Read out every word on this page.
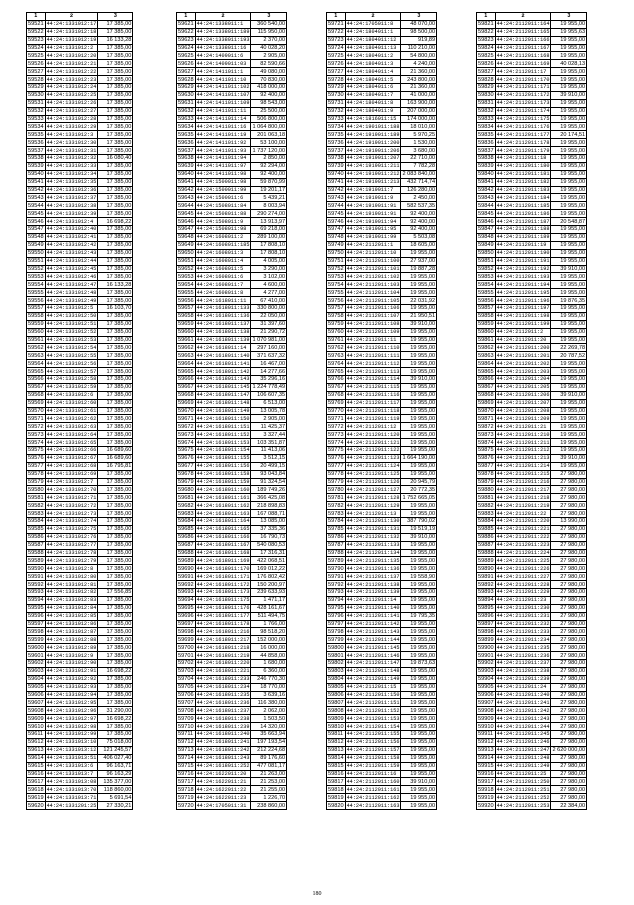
1	2	3
59521	44:24:1331012:17	17 385,00
59522	44:24:1331012:18	17 385,00
59523	44:24:1331012:19	16 133,28
59524	44:24:1331012:2	17 385,00
59525	44:24:1331012:20	17 385,00
59526	44:24:1331012:21	17 385,00
59527	44:24:1331012:22	17 385,00
59528	44:24:1331012:23	17 385,00
59529	44:24:1331012:24	17 385,00
59530	44:24:1331012:25	17 385,00
59531	44:24:1331012:26	17 385,00
59532	44:24:1331012:27	17 385,00
59533	44:24:1331012:28	17 385,00
59534	44:24:1331012:29	17 385,00
59535	44:24:1331012:3	17 385,00
59536	44:24:1331012:30	17 385,00
59537	44:24:1331012:31	17 385,00
59538	44:24:1331012:32	16 080,40
59539	44:24:1331012:33	17 385,00
59540	44:24:1331012:34	17 385,00
59541	44:24:1331012:35	17 385,00
59542	44:24:1331012:36	17 385,00
59543	44:24:1331012:37	17 385,00
59544	44:24:1331012:38	17 385,00
59545	44:24:1331012:39	17 385,00
59546	44:24:1331012:4	16 698,22
59547	44:24:1331012:40	17 385,00
59548	44:24:1331012:41	17 385,00
59549	44:24:1331012:42	17 385,00
59550	44:24:1331012:43	17 385,00
59551	44:24:1331012:44	17 385,00
59552	44:24:1331012:45	17 385,00
59553	44:24:1331012:46	17 385,00
59554	44:24:1331012:47	16 133,28
59555	44:24:1331012:48	17 385,00
59556	44:24:1331012:49	17 385,00
59557	44:24:1331012:5	16 103,70
59558	44:24:1331012:50	17 385,00
59559	44:24:1331012:51	17 385,00
59560	44:24:1331012:52	17 385,00
59561	44:24:1331012:53	17 385,00
59562	44:24:1331012:54	17 385,00
59563	44:24:1331012:55	17 385,00
59564	44:24:1331012:56	17 385,00
59565	44:24:1331012:57	17 385,00
59566	44:24:1331012:58	17 385,00
59567	44:24:1331012:59	17 385,00
59568	44:24:1331012:6	17 385,00
59569	44:24:1331012:60	17 385,00
59570	44:24:1331012:61	17 385,00
59571	44:24:1331012:62	17 385,00
59572	44:24:1331012:63	17 385,00
59573	44:24:1331012:64	17 385,00
59574	44:24:1331012:65	17 385,00
59575	44:24:1331012:66	16 689,60
59576	44:24:1331012:67	16 689,60
59577	44:24:1331012:68	16 795,81
59578	44:24:1331012:69	17 385,00
59579	44:24:1331012:7	17 385,00
59580	44:24:1331012:70	17 385,00
59581	44:24:1331012:71	17 385,00
59582	44:24:1331012:72	17 385,00
59583	44:24:1331012:73	17 385,00
59584	44:24:1331012:74	17 385,00
59585	44:24:1331012:75	17 385,00
59586	44:24:1331012:76	17 385,00
59587	44:24:1331012:77	17 385,00
59588	44:24:1331012:78	17 385,00
59589	44:24:1331012:79	17 385,00
59590	44:24:1331012:8	17 385,00
59591	44:24:1331012:80	17 385,00
59592	44:24:1331012:81	17 385,00
59593	44:24:1331012:82	17 556,85
59594	44:24:1331012:83	17 385,00
59595	44:24:1331012:84	17 385,00
59596	44:24:1331012:85	17 385,00
59597	44:24:1331012:86	17 385,00
59598	44:24:1331012:87	17 385,00
59599	44:24:1331012:88	17 385,00
59600	44:24:1331012:89	17 385,00
59601	44:24:1331012:9	17 385,00
59602	44:24:1331012:90	17 385,00
59603	44:24:1331012:91	16 698,22
59604	44:24:1331012:92	17 385,00
59605	44:24:1331012:93	17 385,00
59606	44:24:1331012:94	17 385,00
59607	44:24:1331012:95	17 385,00
59608	44:24:1331012:96	31 290,00
59609	44:24:1331012:97	16 698,22
59610	44:24:1331012:98	17 385,00
59611	44:24:1331012:99	17 385,00
59612	44:24:1331013:10	75 018,00
59613	44:24:1331013:12	121 245,57
59614	44:24:1331013:51	406 027,40
59615	44:24:1331013:6	96 163,71
59616	44:24:1331013:7	96 163,29
59617	44:24:1331013:08	135 377,00
59618	44:24:1331013:70	118 860,00
59619	44:24:1331013:71	5 691,54
59620	44:24:1331201:25	27 330,21
1	2	3
59621	44:24:1338011:1	360 540,00
59622	44:24:1338011:189	115 950,00
59623	44:24:1338011:193	2 370,00
59624	44:24:1338011:16	40 028,20
59625	44:24:1409011:6	2 905,00
59626	44:24:1409011:03	82 590,66
59627	44:24:1411011:1	49 080,00
59628	44:24:1411011:10	70 830,00
59629	44:24:1411011:102	418 000,00
59630	44:24:1411011:107	92 400,00
59631	44:24:1411011:109	98 543,00
59632	44:24:1411011:11	25 500,00
59633	44:24:1411011:14	506 800,00
59634	44:24:1411011:16	1 064 800,00
59635	44:24:1411011:19	201 063,18
59636	44:24:1411011:92	53 100,00
59637	44:24:1411011:93	1 737 120,00
59638	44:24:1411011:94	2 850,00
59639	44:24:1411011:97	92 294,00
59640	44:24:1411011:98	92 400,00
59641	44:24:1500011:98	59 870,99
59642	44:24:1500011:99	19 201,17
59643	44:24:1500011:6	5 439,21
59644	44:24:1508011:84	8 003,94
59645	44:24:1508011:88	290 274,00
59646	44:24:1508011:9	13 913,97
59647	44:24:1508011:98	69 218,00
59648	44:24:1608011:2	289 100,00
59649	44:24:1608011:185	17 808,10
59650	44:24:1608011:3	17 808,10
59651	44:24:1608011:4	4 005,00
59652	44:24:1608011:5	3 290,00
59653	44:24:1608011:6	3 102,00
59654	44:24:1608011:7	4 600,00
59655	44:24:1608011:8	4 277,00
59656	44:24:1618011:11	67 410,00
59657	44:24:1618011:133	330 800,00
59658	44:24:1618011:136	22 050,00
59659	44:24:1618011:137	31 397,60
59660	44:24:1618011:138	21 290,72
59661	44:24:1618011:139	1 070 981,00
59662	44:24:1618011:14	297 160,00
59663	44:24:1618011:140	371 637,32
59664	44:24:1618011:141	16 467,00
59665	44:24:1618011:142	14 277,66
59666	44:24:1618011:143	35 296,16
59667	44:24:1618011:145	1 224 778,49
59668	44:24:1618011:147	106 607,35
59669	44:24:1618011:148	6 513,00
59670	44:24:1618011:149	13 005,78
59671	44:24:1618011:150	2 905,00
59672	44:24:1618011:151	11 425,37
59673	44:24:1618011:152	3 327,44
59674	44:24:1618011:153	103 351,87
59675	44:24:1618011:154	11 413,06
59676	44:24:1618011:155	3 512,15
59677	44:24:1618011:156	20 499,15
59678	44:24:1618011:158	93 043,84
59679	44:24:1618011:159	91 324,54
59680	44:24:1618011:160	189 749,26
59681	44:24:1618011:161	366 425,08
59682	44:24:1618011:162	218 898,83
59683	44:24:1618011:163	167 088,71
59684	44:24:1618011:164	13 085,00
59685	44:24:1618011:165	37 335,36
59686	44:24:1618011:166	16 790,73
59687	44:24:1618011:167	540 080,53
59688	44:24:1618011:168	17 316,31
59689	44:24:1618011:169	422 068,51
59690	44:24:1618011:170	169 012,22
59691	44:24:1618011:171	176 802,42
59692	44:24:1618011:172	150 200,97
59693	44:24:1618011:173	239 633,93
59694	44:24:1618011:175	1 471,17
59695	44:24:1618011:176	428 161,67
59696	44:24:1618011:177	511 494,75
59697	44:24:1618011:178	1 766,00
59698	44:24:1618011:216	98 518,20
59699	44:24:1618011:217	152 000,00
59700	44:24:1618011:218	16 000,00
59701	44:24:1618011:219	44 858,00
59702	44:24:1618011:220	1 680,00
59703	44:24:1618011:221	6 360,00
59704	44:24:1618011:233	246 770,30
59705	44:24:1618011:234	18 770,00
59706	44:24:1618011:235	3 639,16
59707	44:24:1618011:236	116 380,00
59708	44:24:1618011:237	2 062,00
59709	44:24:1618011:238	1 503,50
59710	44:24:1618011:239	14 320,00
59711	44:24:1618011:240	35 663,94
59712	44:24:1618011:241	197 193,54
59713	44:24:1618011:242	212 224,68
59714	44:24:1618011:243	89 176,60
59715	44:24:1618011:252	477 081,17
59716	44:24:1622011:20	21 263,00
59717	44:24:1622011:21	21 253,00
59718	44:24:1622011:22	21 255,00
59719	44:24:1622011:23	1 226,70
59720	44:24:1705011:31	238 860,00
1	2	3
59721	44:24:1705011:8	48 070,00
59722	44:24:1804011:1	98 500,00
59723	44:24:1804011:12	919,89
59724	44:24:1804011:13	110 210,00
59725	44:24:1804011:2	54 800,00
59726	44:24:1804011:3	4 240,00
59727	44:24:1804011:4	21 360,00
59728	44:24:1804011:5	243 800,00
59729	44:24:1804011:6	21 360,00
59730	44:24:1804011:7	41 000,00
59731	44:24:1804011:8	163 900,00
59732	44:24:1804011:9	207 000,00
59733	44:24:1816011:15	174 000,00
59734	44:24:1901011:188	18 010,00
59735	44:24:1919011:189	5 970,25
59736	44:24:1919011:200	1 530,00
59737	44:24:1919011:206	3 680,00
59738	44:24:1919011:207	22 710,00
59739	44:24:1919011:211	7 782,28
59740	44:24:1919011:212	2 083 840,00
59741	44:24:1919011:213	432 714,74
59742	44:24:1919011:7	126 280,00
59743	44:24:1919011:9	2 450,00
59744	44:24:1919011:91	582 537,35
59745	44:24:1919011:91	92 400,00
59746	44:24:1919011:94	92 400,00
59747	44:24:1919011:95	92 400,00
59748	44:24:1919011:99	5 503,08
59749	44:24:2112011:1	18 605,00
59750	44:24:2112011:10	19 955,00
59751	44:24:2112011:100	27 937,00
59752	44:24:2112011:101	19 887,28
59753	44:24:2112011:102	19 955,00
59754	44:24:2112011:103	19 955,00
59755	44:24:2112011:104	19 955,00
59756	44:24:2112011:105	22 031,92
59757	44:24:2112011:106	19 955,00
59758	44:24:2112011:107	21 950,51
59759	44:24:2112011:108	39 910,00
59760	44:24:2112011:109	19 955,00
59761	44:24:2112011:11	19 955,00
59762	44:24:2112011:110	19 955,00
59763	44:24:2112011:111	19 955,00
59764	44:24:2112011:112	19 955,00
59765	44:24:2112011:113	19 955,00
59766	44:24:2112011:114	39 910,00
59767	44:24:2112011:115	19 955,00
59768	44:24:2112011:116	19 955,00
59769	44:24:2112011:117	19 955,00
59770	44:24:2112011:118	19 955,00
59771	44:24:2112011:119	19 955,00
59772	44:24:2112011:12	19 955,00
59773	44:24:2112011:120	19 955,00
59774	44:24:2112011:121	19 955,00
59775	44:24:2112011:122	19 955,00
59776	44:24:2112011:123	1 664 190,00
59777	44:24:2112011:124	19 955,00
59778	44:24:2112011:125	19 955,00
59779	44:24:2112011:126	20 945,79
59780	44:24:2112011:127	20 772,35
59781	44:24:2112011:128	1 752 665,05
59782	44:24:2112011:129	19 955,00
59783	44:24:2112011:13	19 955,00
59784	44:24:2112011:130	387 790,02
59785	44:24:2112011:131	19 519,19
59786	44:24:2112011:132	39 910,00
59787	44:24:2112011:133	19 955,00
59788	44:24:2112011:134	19 955,00
59789	44:24:2112011:135	19 955,00
59790	44:24:2112011:136	19 955,00
59791	44:24:2112011:137	19 558,90
59792	44:24:2112011:138	19 955,00
59793	44:24:2112011:139	19 955,00
59794	44:24:2112011:14	19 955,00
59795	44:24:2112011:140	19 955,00
59796	44:24:2112011:141	19 795,35
59797	44:24:2112011:142	19 955,00
59798	44:24:2112011:143	19 955,00
59799	44:24:2112011:144	19 955,00
59800	44:24:2112011:145	19 955,00
59801	44:24:2112011:146	19 955,00
59802	44:24:2112011:147	19 873,63
59803	44:24:2112011:148	19 955,00
59804	44:24:2112011:149	19 955,00
59805	44:24:2112011:15	19 955,00
59806	44:24:2112011:150	19 955,00
59807	44:24:2112011:151	19 955,00
59808	44:24:2112011:152	19 955,00
59809	44:24:2112011:153	19 955,00
59810	44:24:2112011:154	19 955,00
59811	44:24:2112011:155	19 955,00
59812	44:24:2112011:156	19 955,00
59813	44:24:2112011:157	19 955,00
59814	44:24:2112011:158	19 955,00
59815	44:24:2112011:159	19 955,00
59816	44:24:2112011:16	19 955,00
59817	44:24:2112011:160	39 910,00
59818	44:24:2112011:161	19 955,00
59819	44:24:2112011:162	19 955,00
59820	44:24:2112011:163	19 955,00
1	2	3
59821	44:24:2112011:164	19 955,00
59822	44:24:2112011:165	19 955,63
59823	44:24:2112011:166	19 955,00
59824	44:24:2112011:167	19 955,00
59825	44:24:2112011:168	19 955,00
59826	44:24:2112011:169	40 028,13
59827	44:24:2112011:17	19 955,00
59828	44:24:2112011:170	19 955,00
59829	44:24:2112011:171	19 955,00
59830	44:24:2112011:172	39 910,00
59831	44:24:2112011:173	19 955,00
59832	44:24:2112011:174	19 955,00
59833	44:24:2112011:175	19 955,00
59834	44:24:2112011:176	19 955,00
59835	44:24:2112011:177	20 174,51
59836	44:24:2112011:178	19 955,00
59837	44:24:2112011:179	19 955,00
59838	44:24:2112011:18	19 955,00
59839	44:24:2112011:180	19 955,00
59840	44:24:2112011:181	19 955,00
59841	44:24:2112011:182	19 955,00
59842	44:24:2112011:183	19 955,00
59843	44:24:2112011:184	19 955,00
59844	44:24:2112011:185	19 955,00
59845	44:24:2112011:186	19 955,00
59846	44:24:2112011:187	20 548,87
59847	44:24:2112011:188	19 955,00
59848	44:24:2112011:189	19 955,00
59849	44:24:2112011:19	19 955,00
59850	44:24:2112011:190	19 955,00
59851	44:24:2112011:191	19 955,00
59852	44:24:2112011:192	39 910,00
59853	44:24:2112011:193	19 955,00
59854	44:24:2112011:194	19 955,00
59855	44:24:2112011:195	19 955,00
59856	44:24:2112011:196	19 876,35
59857	44:24:2112011:197	19 955,00
59858	44:24:2112011:198	19 955,00
59859	44:24:2112011:199	19 955,00
59860	44:24:2112011:2	19 955,00
59861	44:24:2112011:20	19 955,00
59862	44:24:2112011:200	22 269,78
59863	44:24:2112011:201	20 787,52
59864	44:24:2112011:202	19 955,00
59865	44:24:2112011:203	19 955,00
59866	44:24:2112011:204	19 955,00
59867	44:24:2112011:205	19 955,00
59868	44:24:2112011:206	39 910,00
59869	44:24:2112011:207	19 955,00
59870	44:24:2112011:208	19 955,00
59871	44:24:2112011:209	19 955,00
59872	44:24:2112011:21	19 955,00
59873	44:24:2112011:210	19 955,00
59874	44:24:2112011:211	19 955,00
59875	44:24:2112011:212	19 955,00
59876	44:24:2112011:213	39 910,00
59877	44:24:2112011:214	19 955,00
59878	44:24:2112011:215	27 980,00
59879	44:24:2112011:216	27 980,00
59880	44:24:2112011:217	27 980,00
59881	44:24:2112011:218	27 980,00
59882	44:24:2112011:219	27 980,00
59883	44:24:2112011:22	27 980,00
59884	44:24:2112011:220	13 990,00
59885	44:24:2112011:221	27 980,00
59886	44:24:2112011:222	27 980,00
59887	44:24:2112011:223	27 980,00
59888	44:24:2112011:224	27 980,00
59889	44:24:2112011:225	27 980,00
59890	44:24:2112011:226	27 980,00
59891	44:24:2112011:227	27 980,00
59892	44:24:2112011:228	27 980,00
59893	44:24:2112011:229	27 980,00
59894	44:24:2112011:23	27 980,00
59895	44:24:2112011:230	27 980,00
59896	44:24:2112011:231	27 980,00
59897	44:24:2112011:232	27 980,00
59898	44:24:2112011:233	27 980,00
59899	44:24:2112011:234	27 980,00
59900	44:24:2112011:235	27 980,00
59901	44:24:2112011:236	27 980,00
59902	44:24:2112011:237	27 980,00
59903	44:24:2112011:238	27 980,00
59904	44:24:2112011:239	27 980,00
59905	44:24:2112011:24	27 980,00
59906	44:24:2112011:240	27 980,00
59907	44:24:2112011:241	27 980,00
59908	44:24:2112011:242	27 980,00
59909	44:24:2112011:243	27 980,00
59910	44:24:2112011:244	27 980,00
59911	44:24:2112011:245	27 980,00
59912	44:24:2112011:246	27 980,00
59913	44:24:2112011:247	2 620 000,00
59914	44:24:2112011:248	27 980,00
59915	44:24:2112011:249	27 980,00
59916	44:24:2112011:25	27 980,00
59917	44:24:2112011:250	27 980,00
59918	44:24:2112011:251	27 980,00
59919	44:24:2112011:252	27 980,00
59920	44:24:2112011:253	22 384,00
180
